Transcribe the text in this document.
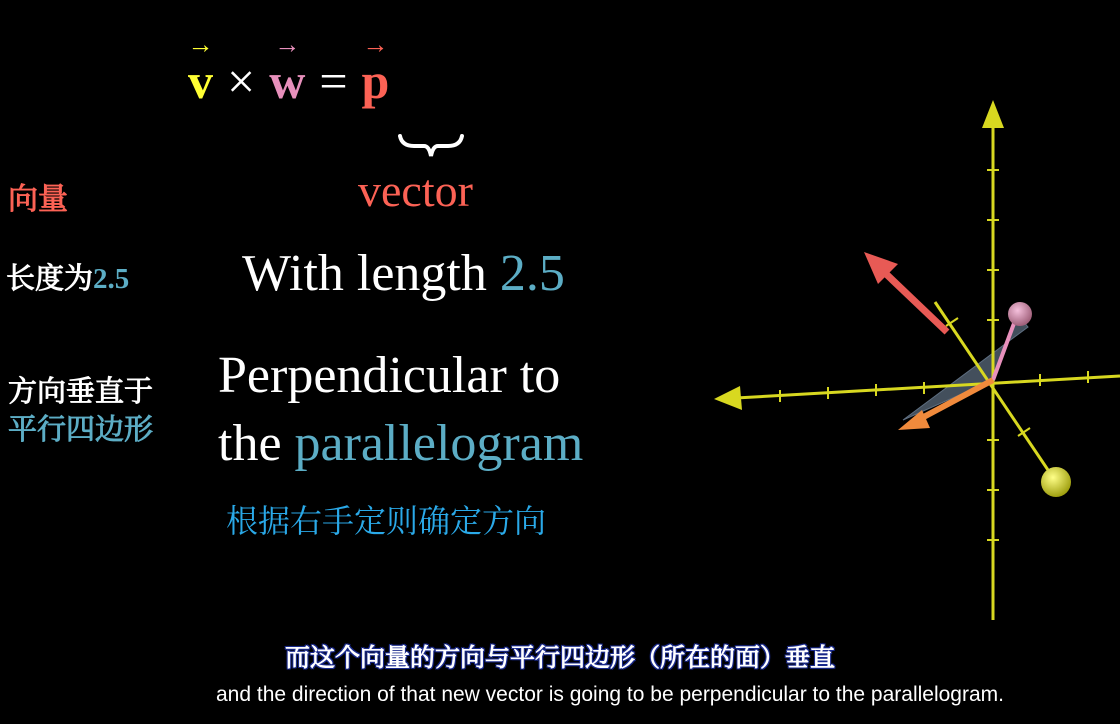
→ v × → w = → p
vector
向量
长度为2.5
方向垂直于
平行四边形
With length 2.5
Perpendicular to
the parallelogram
根据右手定则确定方向
而这个向量的方向与平行四边形（所在的面）垂直
and the direction of that new vector is going to be perpendicular to the parallelogram.
